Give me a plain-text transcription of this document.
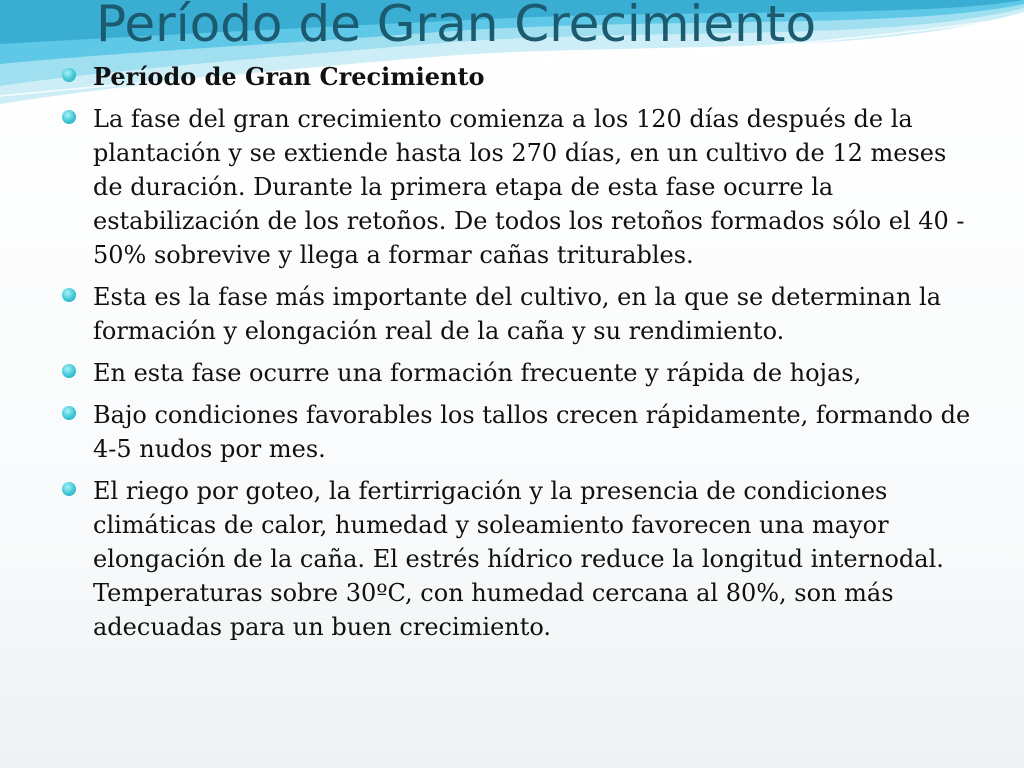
Período de Gran Crecimiento
Período de Gran Crecimiento
La fase del gran crecimiento comienza a los 120 días después de la plantación y se extiende hasta los 270 días, en un cultivo de 12 meses de duración. Durante la primera etapa de esta fase ocurre la estabilización de los retoños. De todos los retoños formados sólo el 40 - 50% sobrevive y llega a formar cañas triturables.
Esta es la fase más importante del cultivo, en la que se determinan la formación y elongación real de la caña y su rendimiento.
En esta fase ocurre una formación frecuente y rápida de hojas,
Bajo condiciones favorables los tallos crecen rápidamente, formando de 4-5 nudos por mes.
El riego por goteo, la fertirrigación y la presencia de condiciones climáticas de calor, humedad y soleamiento favorecen una mayor elongación de la caña. El estrés hídrico reduce la longitud internodal. Temperaturas sobre 30ºC, con humedad cercana al 80%, son más adecuadas para un buen crecimiento.
